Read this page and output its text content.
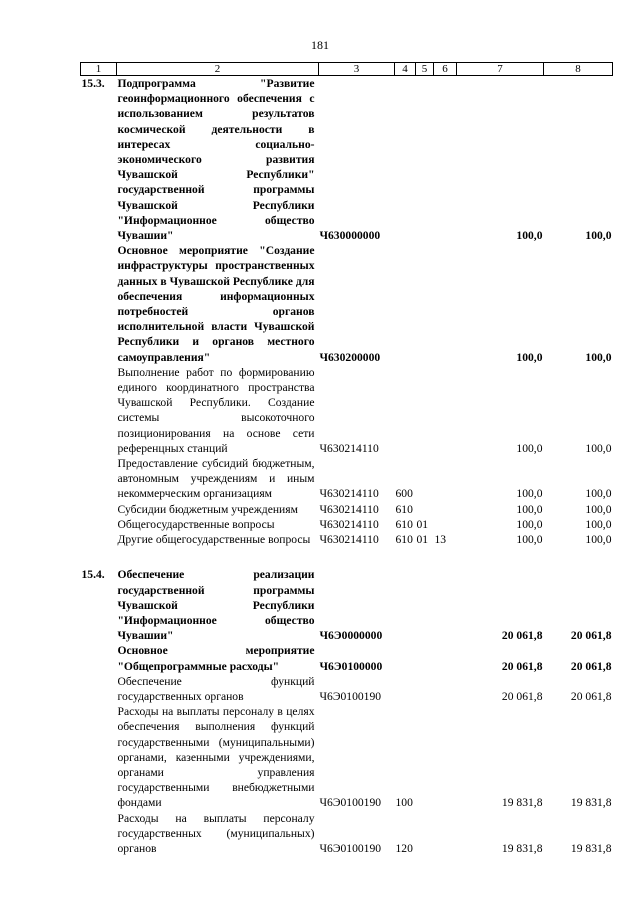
181
1	2	3	4	5	6	7	8
15.3.	Подпрограмма "Развитие геоинформационного обеспечения с использованием результатов космической деятельности в интересах социально-экономического развития Чувашской Республики" государственной программы Чувашской Республики "Информационное общество Чувашии"	Ч630000000				100,0	100,0
	Основное мероприятие "Создание инфраструктуры пространственных данных в Чувашской Республике для обеспечения информационных потребностей органов исполнительной власти Чувашской Республики и органов местного самоуправления"	Ч630200000				100,0	100,0
	Выполнение работ по формированию единого координатного пространства Чувашской Республики. Создание системы высокоточного позиционирования на основе сети референцных станций	Ч630214110				100,0	100,0
	Предоставление субсидий бюджетным, автономным учреждениям и иным некоммерческим организациям	Ч630214110	600			100,0	100,0
	Субсидии бюджетным учреждениям	Ч630214110	610			100,0	100,0
	Общегосударственные вопросы	Ч630214110	610	01		100,0	100,0
	Другие общегосударственные вопросы	Ч630214110	610	01	13	100,0	100,0

15.4.	Обеспечение реализации государственной программы Чувашской Республики "Информационное общество Чувашии"	Ч6Э0000000				20 061,8	20 061,8
	Основное мероприятие "Общепрограммные расходы"	Ч6Э0100000				20 061,8	20 061,8
	Обеспечение функций государственных органов	Ч6Э0100190				20 061,8	20 061,8
	Расходы на выплаты персоналу в целях обеспечения выполнения функций государственными (муниципальными) органами, казенными учреждениями, органами управления государственными внебюджетными фондами	Ч6Э0100190	100			19 831,8	19 831,8
	Расходы на выплаты персоналу государственных (муниципальных) органов	Ч6Э0100190	120			19 831,8	19 831,8
